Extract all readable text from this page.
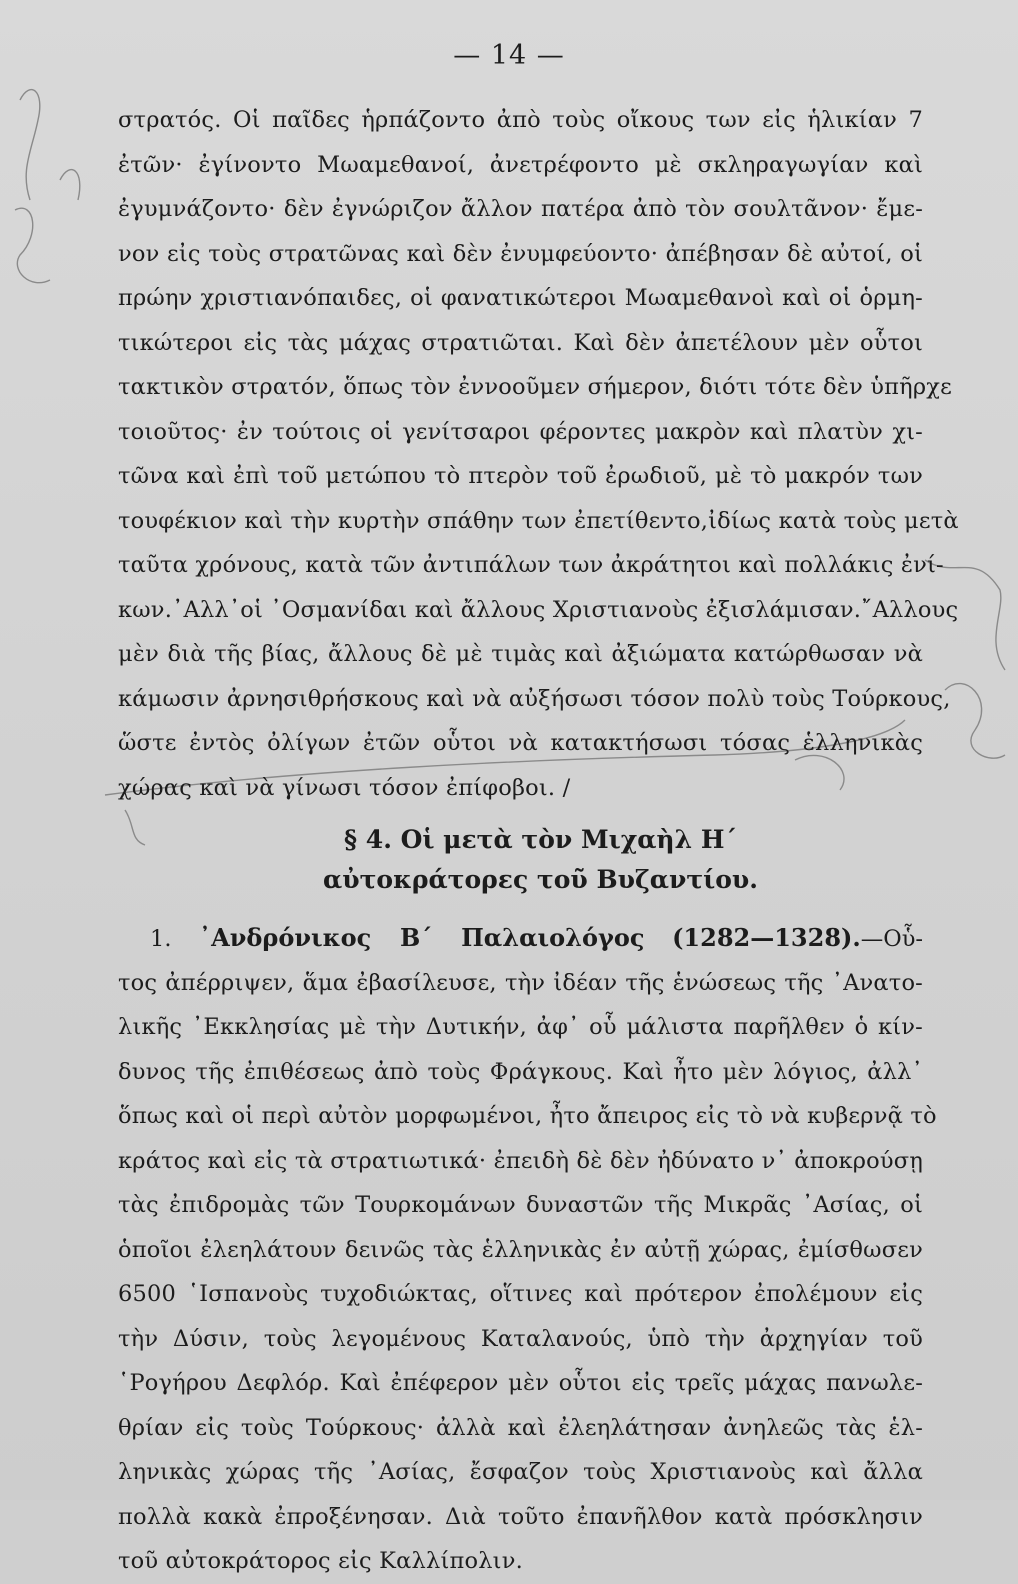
— 14 —
στρατός. Οἱ παῖδες ἡρπάζοντο ἀπὸ τοὺς οἴκους των εἰς ἡλικίαν 7
ἐτῶν· ἐγίνοντο Μωαμεθανοί, ἀνετρέφοντο μὲ σκληραγωγίαν καὶ
ἐγυμνάζοντο· δὲν ἐγνώριζον ἄλλον πατέρα ἀπὸ τὸν σουλτᾶνον· ἔμε-
νον εἰς τοὺς στρατῶνας καὶ δὲν ἐνυμφεύοντο· ἀπέβησαν δὲ αὐτοί, οἱ
πρώην χριστιανόπαιδες, οἱ φανατικώτεροι Μωαμεθανοὶ καὶ οἱ ὁρμη-
τικώτεροι εἰς τὰς μάχας στρατιῶται. Καὶ δὲν ἀπετέλουν μὲν οὗτοι
τακτικὸν στρατόν, ὅπως τὸν ἐννοοῦμεν σήμερον, διότι τότε δὲν ὑπῆρχε
τοιοῦτος· ἐν τούτοις οἱ γενίτσαροι φέροντες μακρὸν καὶ πλατὺν χι-
τῶνα καὶ ἐπὶ τοῦ μετώπου τὸ πτερὸν τοῦ ἐρωδιοῦ, μὲ τὸ μακρόν των
τουφέκιον καὶ τὴν κυρτὴν σπάθην των ἐπετίθεντο,ἰδίως κατὰ τοὺς μετὰ
ταῦτα χρόνους, κατὰ τῶν ἀντιπάλων των ἀκράτητοι καὶ πολλάκις ἐνί-
κων.᾿Αλλ᾿οἱ ᾿Οσμανίδαι καὶ ἄλλους Χριστιανοὺς ἐξισλάμισαν.῎Αλλους
μὲν διὰ τῆς βίας, ἄλλους δὲ μὲ τιμὰς καὶ ἀξιώματα κατώρθωσαν νὰ
κάμωσιν ἀρνησιθρήσκους καὶ νὰ αὐξήσωσι τόσον πολὺ τοὺς Τούρκους,
ὥστε ἐντὸς ὀλίγων ἐτῶν οὗτοι νὰ κατακτήσωσι τόσας ἑλληνικὰς
χώρας καὶ νὰ γίνωσι τόσον ἐπίφοβοι. /
§ 4. Οἱ μετὰ τὸν Μιχαὴλ Η΄
αὐτοκράτορες τοῦ Βυζαντίου.
1. ᾿Ανδρόνικος Β΄ Παλαιολόγος (1282—1328).—Οὗ-
τος ἀπέρριψεν, ἅμα ἐβασίλευσε, τὴν ἰδέαν τῆς ἑνώσεως τῆς ᾿Ανατο-
λικῆς ᾿Εκκλησίας μὲ τὴν Δυτικήν, ἀφ᾿ οὗ μάλιστα παρῆλθεν ὁ κίν-
δυνος τῆς ἐπιθέσεως ἀπὸ τοὺς Φράγκους. Καὶ ἦτο μὲν λόγιος, ἀλλ᾿
ὅπως καὶ οἱ περὶ αὐτὸν μορφωμένοι, ἦτο ἄπειρος εἰς τὸ νὰ κυβερνᾷ τὸ
κράτος καὶ εἰς τὰ στρατιωτικά· ἐπειδὴ δὲ δὲν ἠδύνατο ν᾿ ἀποκρούσῃ
τὰς ἐπιδρομὰς τῶν Τουρκομάνων δυναστῶν τῆς Μικρᾶς ᾿Ασίας, οἱ
ὁποῖοι ἐλεηλάτουν δεινῶς τὰς ἑλληνικὰς ἐν αὐτῇ χώρας, ἐμίσθωσεν
6500 ῾Ισπανοὺς τυχοδιώκτας, οἵτινες καὶ πρότερον ἐπολέμουν εἰς
τὴν Δύσιν, τοὺς λεγομένους Καταλανούς, ὑπὸ τὴν ἀρχηγίαν τοῦ
῾Ρογήρου Δεφλόρ. Καὶ ἐπέφερον μὲν οὗτοι εἰς τρεῖς μάχας πανωλε-
θρίαν εἰς τοὺς Τούρκους· ἀλλὰ καὶ ἐλεηλάτησαν ἀνηλεῶς τὰς ἑλ-
ληνικὰς χώρας τῆς ᾿Ασίας, ἔσφαζον τοὺς Χριστιανοὺς καὶ ἄλλα
πολλὰ κακὰ ἐπροξένησαν. Διὰ τοῦτο ἐπανῆλθον κατὰ πρόσκλησιν
τοῦ αὐτοκράτορος εἰς Καλλίπολιν.
